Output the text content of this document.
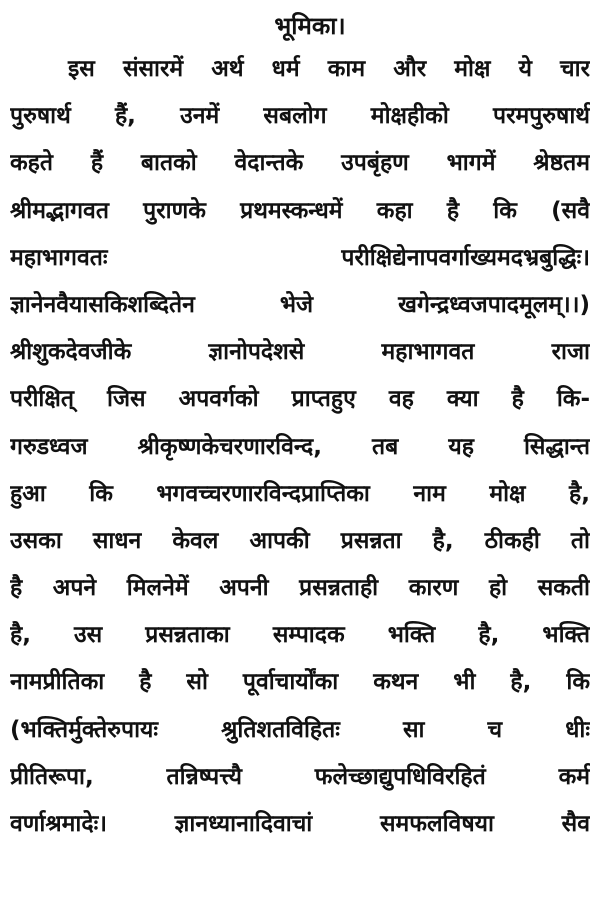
भूमिका।
इस संसारमें अर्थ धर्म काम और मोक्ष ये चार
पुरुषार्थ हैं, उनमें सबलोग मोक्षहीको परमपुरुषार्थ
कहते हैं बातको वेदान्तके उपबृंहण भागमें श्रेष्ठतम
श्रीमद्भागवत पुराणके प्रथमस्कन्धमें कहा है कि (सवै
महाभागवतः परीक्षिद्येनापवर्गाख्यमदभ्रबुद्धिः।
ज्ञानेनवैयासकिशब्दितेन भेजे खगेन्द्रध्वजपादमूलम्।।)
श्रीशुकदेवजीके ज्ञानोपदेशसे महाभागवत राजा
परीक्षित् जिस अपवर्गको प्राप्तहुए वह क्या है कि-
गरुडध्वज श्रीकृष्णकेचरणारविन्द, तब यह सिद्धान्त
हुआ कि भगवच्चरणारविन्दप्राप्तिका नाम मोक्ष है,
उसका साधन केवल आपकी प्रसन्नता है, ठीकही तो
है अपने मिलनेमें अपनी प्रसन्नताही कारण हो सकती
है, उस प्रसन्नताका सम्पादक भक्ति है, भक्ति
नामप्रीतिका है सो पूर्वाचार्योंका कथन भी है, कि
(भक्तिर्मुक्तेरुपायः श्रुतिशतविहितः सा च धीः
प्रीतिरूपा, तन्निष्पत्त्यै फलेच्छाद्युपधिविरहितं कर्म
वर्णाश्रमादेः। ज्ञानध्यानादिवाचां समफलविषया सैव
